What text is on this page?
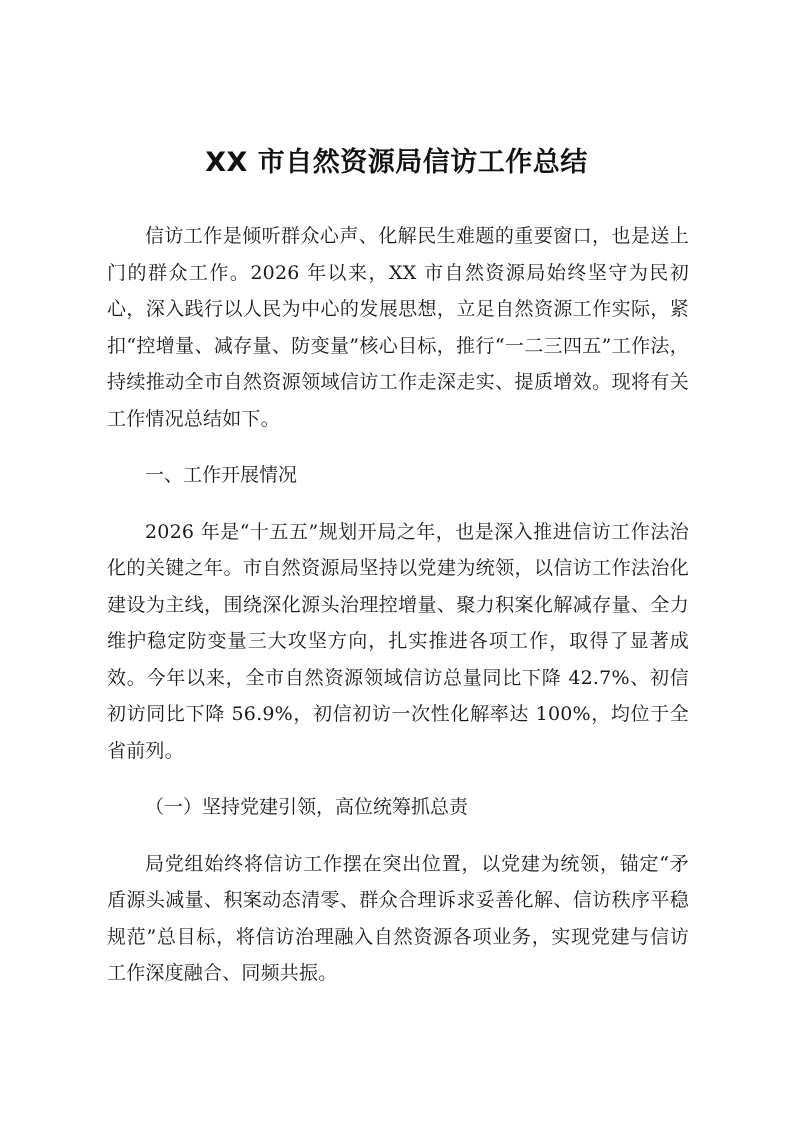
XX 市自然资源局信访工作总结

信访工作是倾听群众心声、化解民生难题的重要窗口，也是送上门的群众工作。2026 年以来，XX 市自然资源局始终坚守为民初心，深入践行以人民为中心的发展思想，立足自然资源工作实际，紧扣“控增量、减存量、防变量”核心目标，推行“一二三四五”工作法，持续推动全市自然资源领域信访工作走深走实、提质增效。现将有关工作情况总结如下。

一、工作开展情况

2026 年是“十五五”规划开局之年，也是深入推进信访工作法治化的关键之年。市自然资源局坚持以党建为统领，以信访工作法治化建设为主线，围绕深化源头治理控增量、聚力积案化解减存量、全力维护稳定防变量三大攻坚方向，扎实推进各项工作，取得了显著成效。今年以来，全市自然资源领域信访总量同比下降 42.7%、初信初访同比下降 56.9%，初信初访一次性化解率达 100%，均位于全省前列。

（一）坚持党建引领，高位统筹抓总责

局党组始终将信访工作摆在突出位置，以党建为统领，锚定“矛盾源头减量、积案动态清零、群众合理诉求妥善化解、信访秩序平稳规范”总目标，将信访治理融入自然资源各项业务，实现党建与信访工作深度融合、同频共振。
